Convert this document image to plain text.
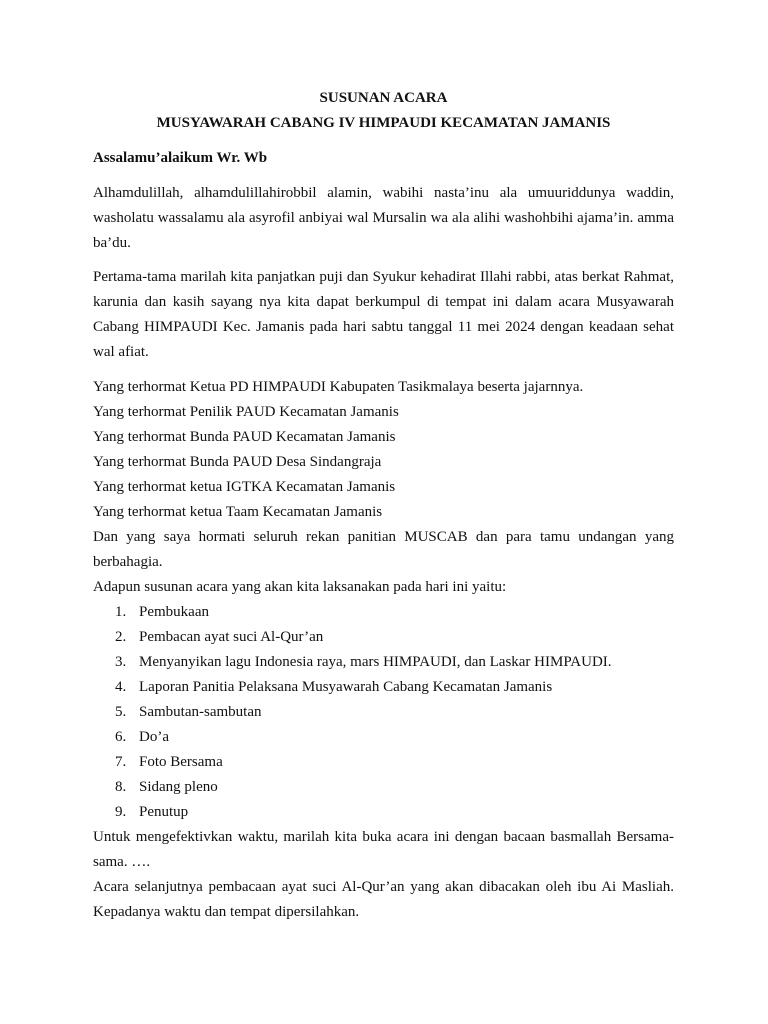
SUSUNAN ACARA

MUSYAWARAH CABANG IV HIMPAUDI KECAMATAN JAMANIS

Assalamu’alaikum Wr. Wb

Alhamdulillah, alhamdulillahirobbil alamin, wabihi nasta’inu ala umuuriddunya waddin, washolatu wassalamu ala asyrofil anbiyai wal Mursalin wa ala alihi washohbihi ajama’in. amma ba’du.

Pertama-tama marilah kita panjatkan puji dan Syukur kehadirat Illahi rabbi, atas berkat Rahmat, karunia dan kasih sayang nya kita dapat berkumpul di tempat ini dalam acara Musyawarah Cabang HIMPAUDI Kec. Jamanis pada hari sabtu tanggal 11 mei 2024 dengan keadaan sehat wal afiat.

Yang terhormat Ketua PD HIMPAUDI Kabupaten Tasikmalaya beserta jajarnnya.

Yang terhormat Penilik PAUD Kecamatan Jamanis

Yang terhormat Bunda PAUD Kecamatan Jamanis

Yang terhormat Bunda PAUD Desa Sindangraja

Yang terhormat ketua IGTKA Kecamatan Jamanis

Yang terhormat ketua Taam Kecamatan Jamanis

Dan yang saya hormati seluruh rekan panitian MUSCAB dan para tamu undangan yang berbahagia.

Adapun susunan acara yang akan kita laksanakan pada hari ini yaitu:

1. Pembukaan
2. Pembacan ayat suci Al-Qur’an
3. Menyanyikan lagu Indonesia raya, mars HIMPAUDI, dan Laskar HIMPAUDI.
4. Laporan Panitia Pelaksana Musyawarah Cabang Kecamatan Jamanis
5. Sambutan-sambutan
6. Do’a
7. Foto Bersama
8. Sidang pleno
9. Penutup

Untuk mengefektivkan waktu, marilah kita buka acara ini dengan bacaan basmallah Bersama-sama. ….

Acara selanjutnya pembacaan ayat suci Al-Qur’an yang akan dibacakan oleh ibu Ai Masliah. Kepadanya waktu dan tempat dipersilahkan.
